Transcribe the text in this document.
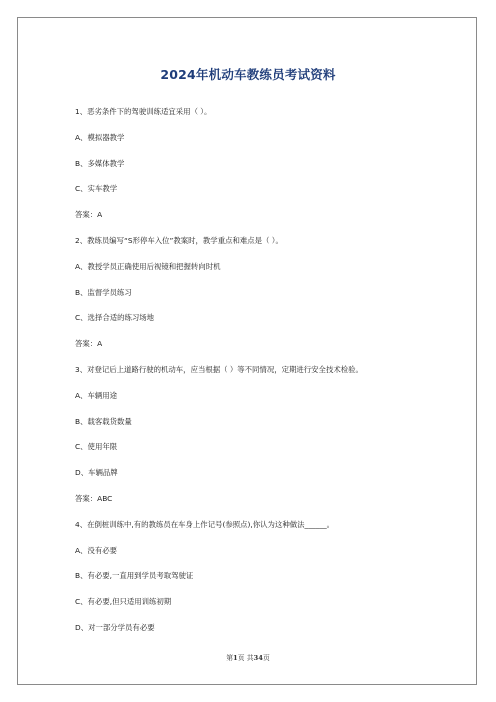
2024年机动车教练员考试资料
1、恶劣条件下的驾驶训练适宜采用（ ）。
A、模拟器教学
B、多媒体教学
C、实车教学
答案：A
2、教练员编写“S形停车入位”教案时，教学重点和难点是（ ）。
A、教授学员正确使用后视镜和把握转向时机
B、监督学员练习
C、选择合适的练习场地
答案：A
3、对登记后上道路行驶的机动车，应当根据（ ）等不同情况，定期进行安全技术检验。
A、车辆用途
B、载客载货数量
C、使用年限
D、车辆品牌
答案：ABC
4、在倒桩训练中,有的教练员在车身上作记号(参照点),你认为这种做法______。
A、没有必要
B、有必要,一直用到学员考取驾驶证
C、有必要,但只适用训练初期
D、对一部分学员有必要
第1页 共34页
